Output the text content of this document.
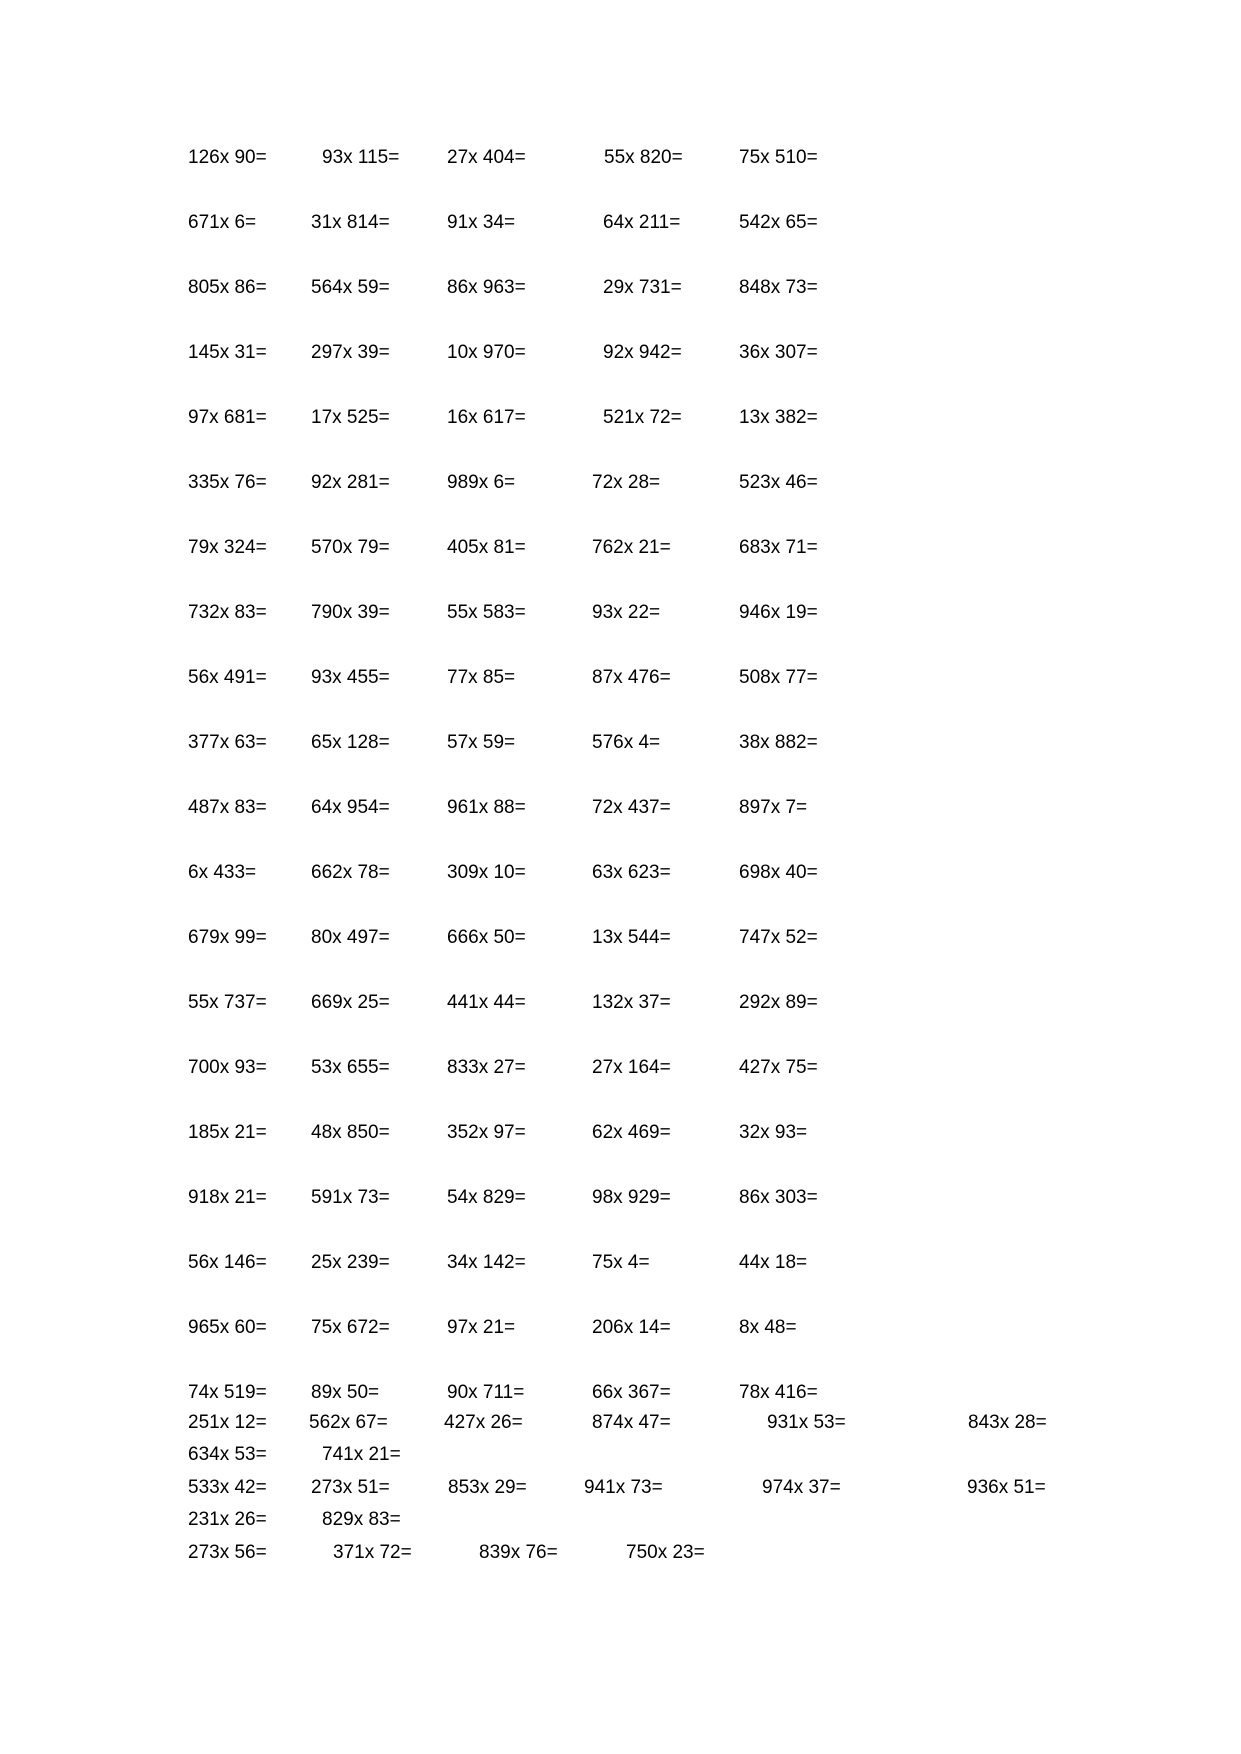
126x 90=	93x 115=	27x 404=	55x 820=	75x 510=
671x 6=	31x 814=	91x 34=	64x 211=	542x 65=
805x 86= 564x 59=	86x 963=	29x 731=	848x 73=
145x 31= 297x 39=	10x 970=	92x 942=	36x 307=
97x 681= 17x 525=	16x 617=	521x 72=	13x 382=
335x 76= 92x 281=	989x 6=	72x 28=	523x 46=
79x 324= 570x 79=	405x 81=	762x 21=	683x 71=
732x 83= 790x 39=	55x 583=	93x 22=	946x 19=
56x 491= 93x 455=	77x 85=	87x 476=	508x 77=
377x 63= 65x 128=	57x 59=	576x 4=	38x 882=
487x 83= 64x 954=	961x 88=	72x 437=	897x 7=
6x 433=	662x 78=	309x 10=	63x 623=	698x 40=
679x 99= 80x 497=	666x 50=	13x 544=	747x 52=
55x 737= 669x 25=	441x 44=	132x 37=	292x 89=
700x 93= 53x 655=	833x 27=	27x 164=	427x 75=
185x 21= 48x 850=	352x 97=	62x 469=	32x 93=
918x 21= 591x 73=	54x 829=	98x 929=	86x 303=
56x 146= 25x 239=	34x 142=	75x 4=	44x 18=
965x 60= 75x 672=	97x 21=	206x 14=	8x 48=
74x 519= 89x 50=	90x 711=	66x 367=	78x 416=
251x 12= 562x 67=	427x 26=	874x 47=	931x 53=	843x 28=
634x 53=	741x 21=
533x 42= 273x 51=	853x 29=	941x 73=	974x 37=	936x 51=
231x 26=	829x 83=
273x 56=	371x 72=	839x 76=	750x 23=
